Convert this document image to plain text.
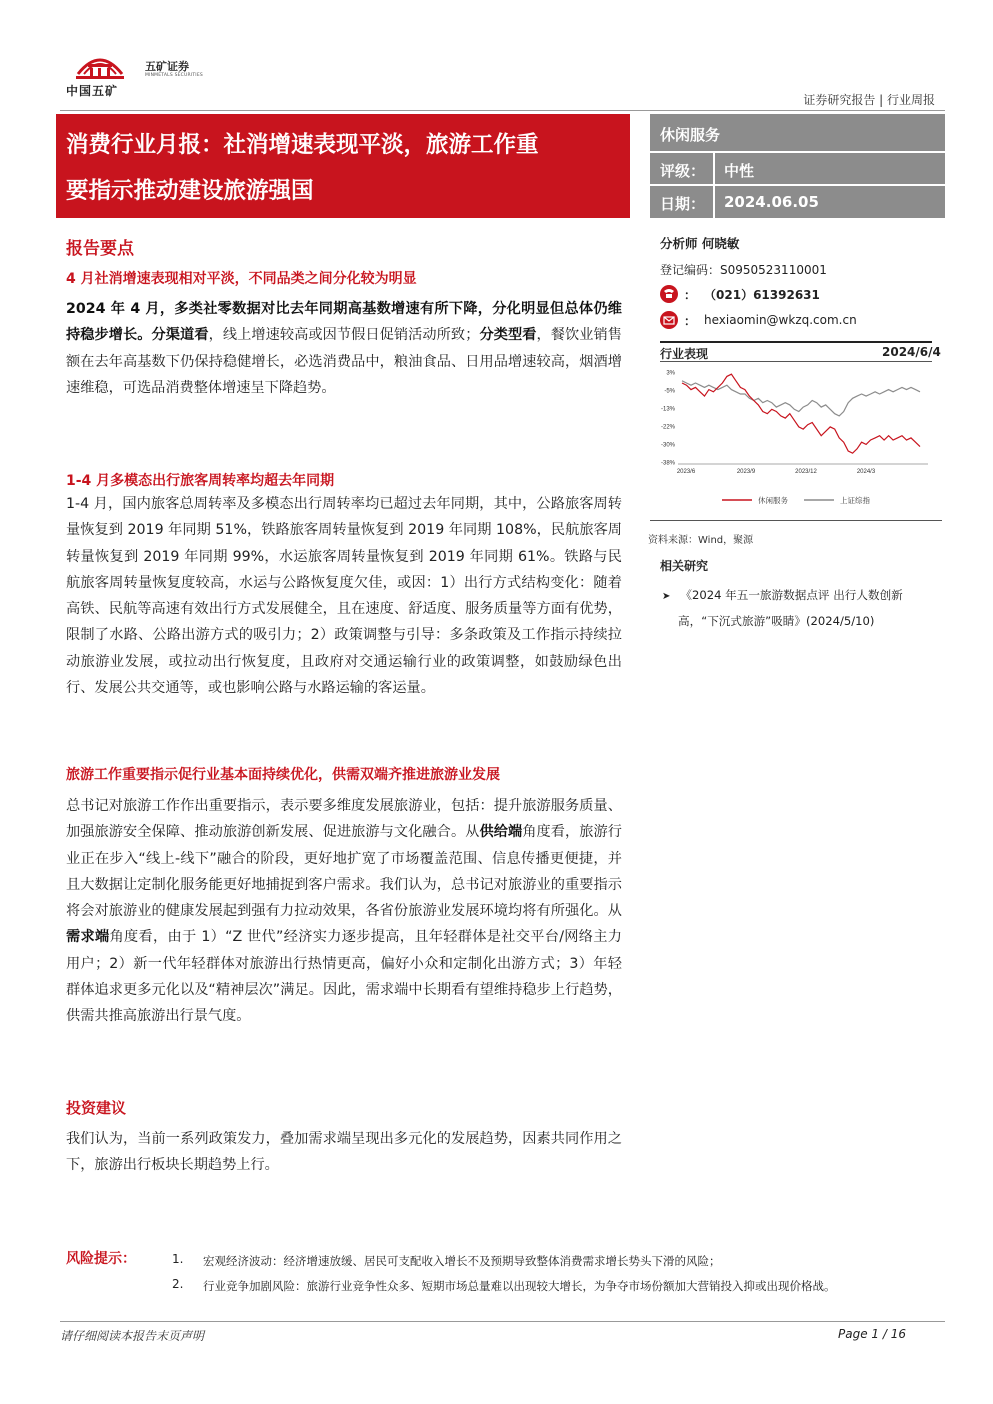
中国五矿
五矿证券
MINMETALS SECURITIES
证券研究报告 | 行业周报
消费行业月报：社消增速表现平淡，旅游工作重
要指示推动建设旅游强国
休闲服务
评级： 中性
日期： 2024.06.05
报告要点
4 月社消增速表现相对平淡，不同品类之间分化较为明显
2024 年 4 月，多类社零数据对比去年同期高基数增速有所下降，分化明显但总体仍维持稳步增长。分渠道看，线上增速较高或因节假日促销活动所致；分类型看，餐饮业销售额在去年高基数下仍保持稳健增长，必选消费品中，粮油食品、日用品增速较高，烟酒增速维稳，可选品消费整体增速呈下降趋势。
1-4 月多模态出行旅客周转率均超去年同期
1-4 月，国内旅客总周转率及多模态出行周转率均已超过去年同期，其中，公路旅客周转量恢复到 2019 年同期 51%，铁路旅客周转量恢复到 2019 年同期 108%，民航旅客周转量恢复到 2019 年同期 99%，水运旅客周转量恢复到 2019 年同期 61%。铁路与民航旅客周转量恢复度较高，水运与公路恢复度欠佳，或因：1）出行方式结构变化：随着高铁、民航等高速有效出行方式发展健全，且在速度、舒适度、服务质量等方面有优势，限制了水路、公路出游方式的吸引力；2）政策调整与引导：多条政策及工作指示持续拉动旅游业发展，或拉动出行恢复度，且政府对交通运输行业的政策调整，如鼓励绿色出行、发展公共交通等，或也影响公路与水路运输的客运量。
旅游工作重要指示促行业基本面持续优化，供需双端齐推进旅游业发展
总书记对旅游工作作出重要指示，表示要多维度发展旅游业，包括：提升旅游服务质量、加强旅游安全保障、推动旅游创新发展、促进旅游与文化融合。从供给端角度看，旅游行业正在步入“线上-线下”融合的阶段，更好地扩宽了市场覆盖范围、信息传播更便捷，并且大数据让定制化服务能更好地捕捉到客户需求。我们认为，总书记对旅游业的重要指示将会对旅游业的健康发展起到强有力拉动效果，各省份旅游业发展环境均将有所强化。从需求端角度看，由于 1）“Z 世代”经济实力逐步提高，且年轻群体是社交平台/网络主力用户；2）新一代年轻群体对旅游出行热情更高，偏好小众和定制化出游方式；3）年轻群体追求更多元化以及“精神层次”满足。因此，需求端中长期看有望维持稳步上行趋势，供需共推高旅游出行景气度。
投资建议
我们认为，当前一系列政策发力，叠加需求端呈现出多元化的发展趋势，因素共同作用之下，旅游出行板块长期趋势上行。
分析师 何晓敏
登记编码：S0950523110001
： （021）61392631
： hexiaomin@wkzq.com.cn
行业表现	2024/6/4
3%
-5%
-13%
-22%
-30%
-38%
2023/6	2023/9	2023/12	2024/3
休闲服务	上证综指
资料来源：Wind，聚源
相关研究
➤ 《2024 年五一旅游数据点评 出行人数创新
高，“下沉式旅游”吸睛》(2024/5/10)
风险提示：	1. 宏观经济波动：经济增速放缓、居民可支配收入增长不及预期导致整体消费需求增长势头下滑的风险；
2. 行业竞争加剧风险：旅游行业竞争性众多、短期市场总量难以出现较大增长，为争夺市场份额加大营销投入抑或出现价格战。
请仔细阅读本报告末页声明	Page 1 / 16
